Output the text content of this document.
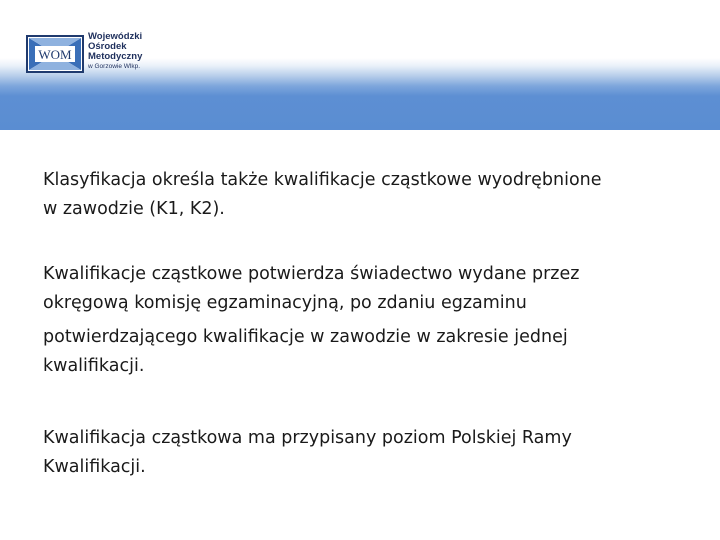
WOM
Wojewódzki
Ośrodek
Metodyczny
w Gorzowie Wlkp.

Klasyfikacja określa także kwalifikacje cząstkowe wyodrębnione
w zawodzie (K1, K2).

Kwalifikacje cząstkowe potwierdza świadectwo wydane przez
okręgową komisję egzaminacyjną, po zdaniu egzaminu
potwierdzającego kwalifikacje w zawodzie w zakresie jednej
kwalifikacji.

Kwalifikacja cząstkowa ma przypisany poziom Polskiej Ramy
Kwalifikacji.
